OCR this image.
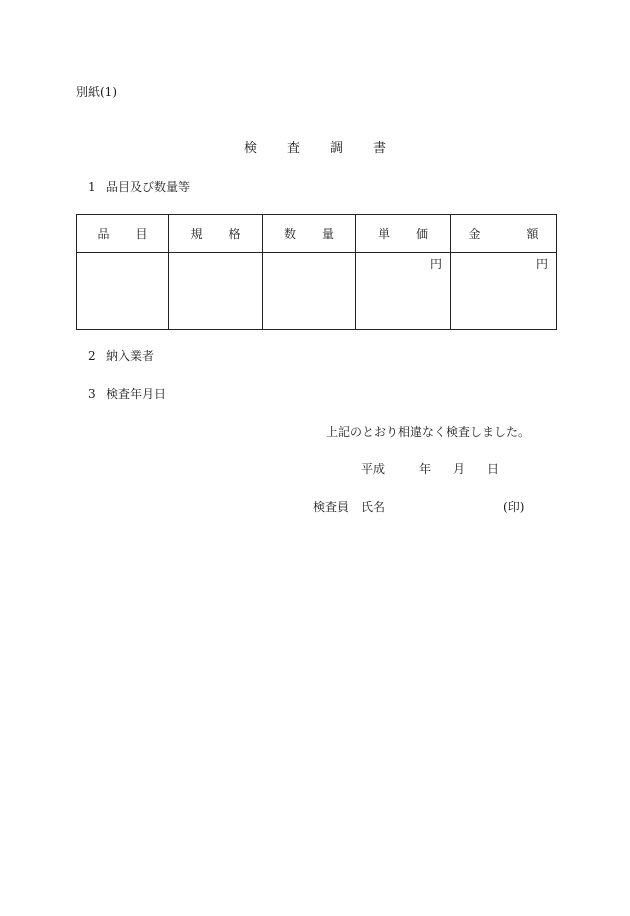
別紙(1)
検 査 調 書
1 品目及び数量等
品 目	規 格	数 量	単 価	金 額

			円	円
2 納入業者
3 検査年月日
上記のとおり相違なく検査しました。
平成	年 月 日
検査員 氏名	(印)
